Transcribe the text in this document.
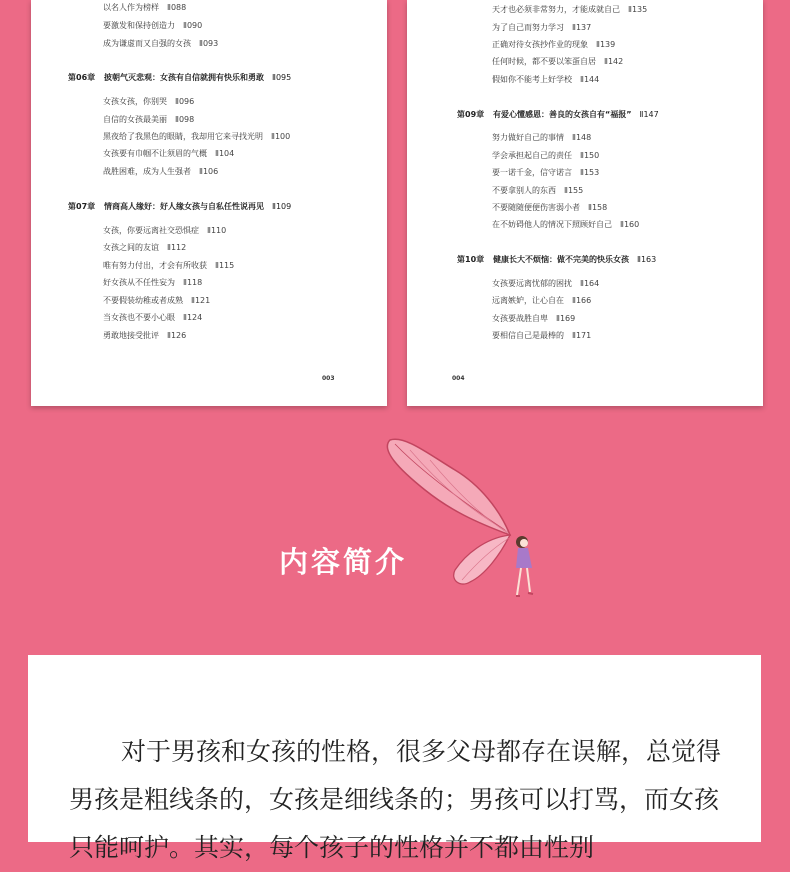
以名人作为榜样 Ⅱ088
要激发和保持创造力 Ⅱ090
成为谦虚而又自强的女孩 Ⅱ093
第06章 披朝气灭悲观：女孩有自信就拥有快乐和勇敢 Ⅱ095
女孩女孩，你别哭 Ⅱ096
自信的女孩最美丽 Ⅱ098
黑夜给了我黑色的眼睛，我却用它来寻找光明 Ⅱ100
女孩要有巾帼不让须眉的气概 Ⅱ104
战胜困难，成为人生强者 Ⅱ106
第07章 情商高人缘好：好人缘女孩与自私任性说再见 Ⅱ109
女孩，你要远离社交恐惧症 Ⅱ110
女孩之间的友谊 Ⅱ112
唯有努力付出，才会有所收获 Ⅱ115
好女孩从不任性妄为 Ⅱ118
不要假装幼稚或者成熟 Ⅱ121
当女孩也不要小心眼 Ⅱ124
勇敢地接受批评 Ⅱ126
003
天才也必须非常努力，才能成就自己 Ⅱ135
为了自己而努力学习 Ⅱ137
正确对待女孩抄作业的现象 Ⅱ139
任何时候，都不要以笨蛋自居 Ⅱ142
假如你不能考上好学校 Ⅱ144
第09章 有爱心懂感恩：善良的女孩自有“福报” Ⅱ147
努力做好自己的事情 Ⅱ148
学会承担起自己的责任 Ⅱ150
要一诺千金，信守诺言 Ⅱ153
不要拿别人的东西 Ⅱ155
不要随随便便伤害弱小者 Ⅱ158
在不妨碍他人的情况下照顾好自己 Ⅱ160
第10章 健康长大不烦恼：做不完美的快乐女孩 Ⅱ163
女孩要远离忧郁的困扰 Ⅱ164
远离嫉妒，让心自在 Ⅱ166
女孩要战胜自卑 Ⅱ169
要相信自己是最棒的 Ⅱ171
004
内容简介

对于男孩和女孩的性格，很多父母都存在误解，总觉得男孩是粗线条的，女孩是细线条的；男孩可以打骂，而女孩只能呵护。其实，每个孩子的性格并不都由性别
